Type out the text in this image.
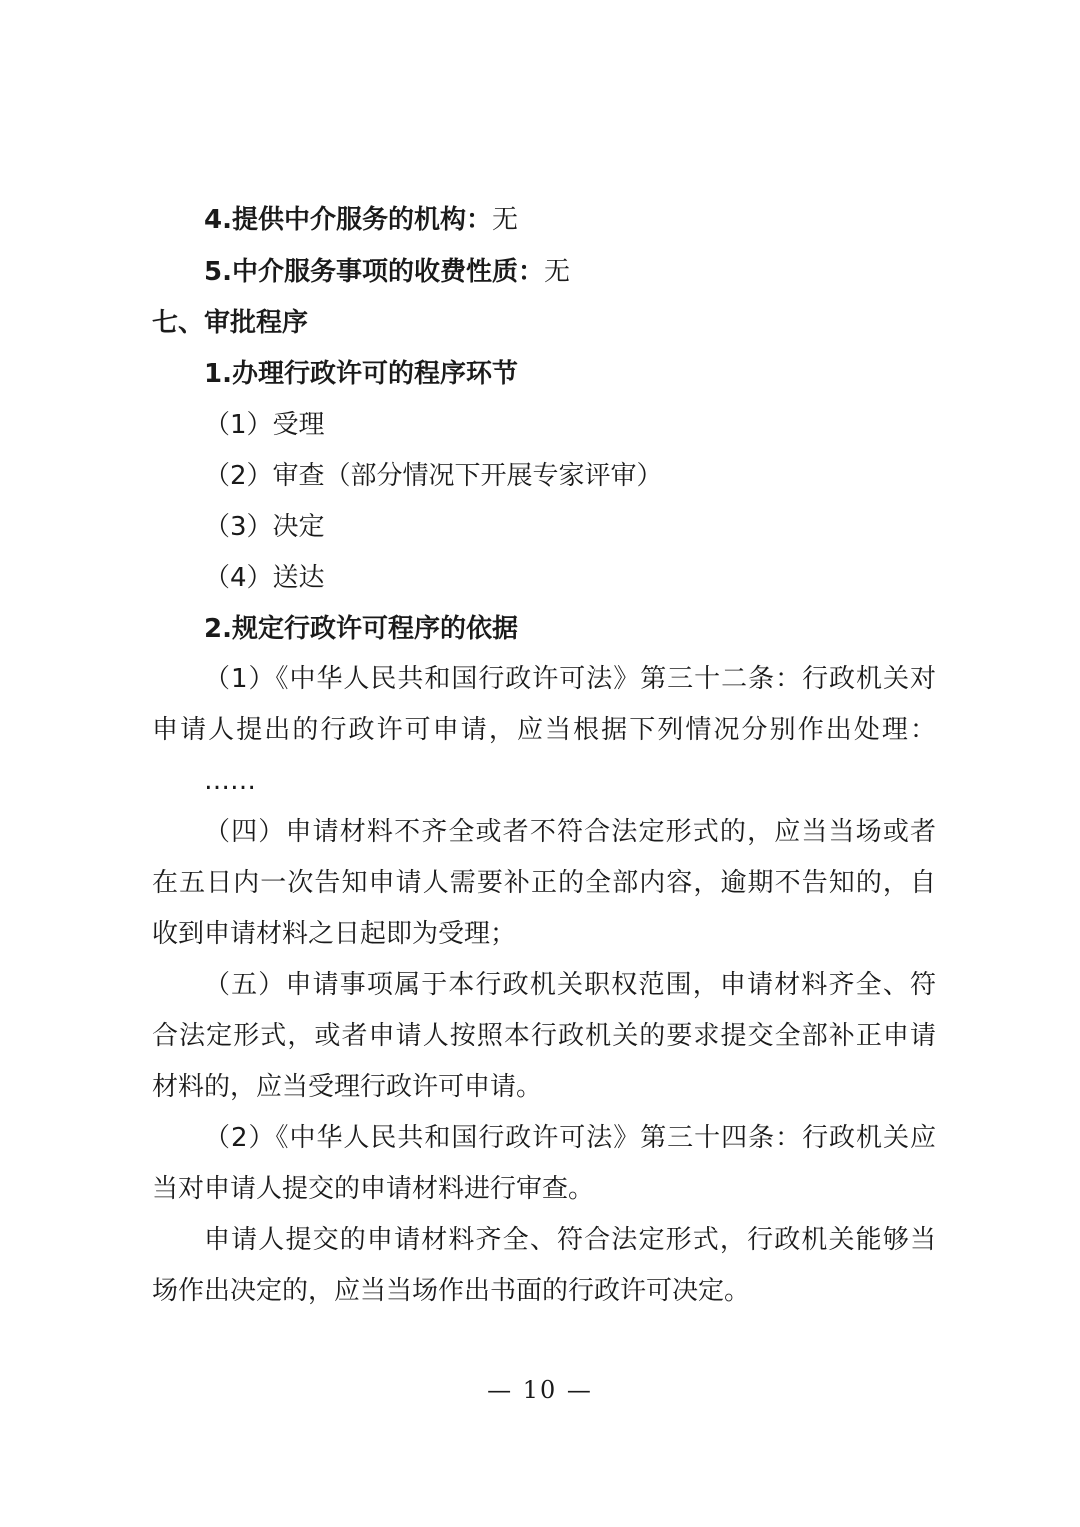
4.提供中介服务的机构：无
5.中介服务事项的收费性质：无
七、审批程序
1.办理行政许可的程序环节
（1）受理
（2）审查（部分情况下开展专家评审）
（3）决定
（4）送达
2.规定行政许可程序的依据
（1）《中华人民共和国行政许可法》第三十二条：行政机关对
申请人提出的行政许可申请，应当根据下列情况分别作出处理：
……
（四）申请材料不齐全或者不符合法定形式的，应当当场或者
在五日内一次告知申请人需要补正的全部内容，逾期不告知的，自
收到申请材料之日起即为受理；
（五）申请事项属于本行政机关职权范围，申请材料齐全、符
合法定形式，或者申请人按照本行政机关的要求提交全部补正申请
材料的，应当受理行政许可申请。
（2）《中华人民共和国行政许可法》第三十四条：行政机关应
当对申请人提交的申请材料进行审查。
申请人提交的申请材料齐全、符合法定形式，行政机关能够当
场作出决定的，应当当场作出书面的行政许可决定。
— 10 —
